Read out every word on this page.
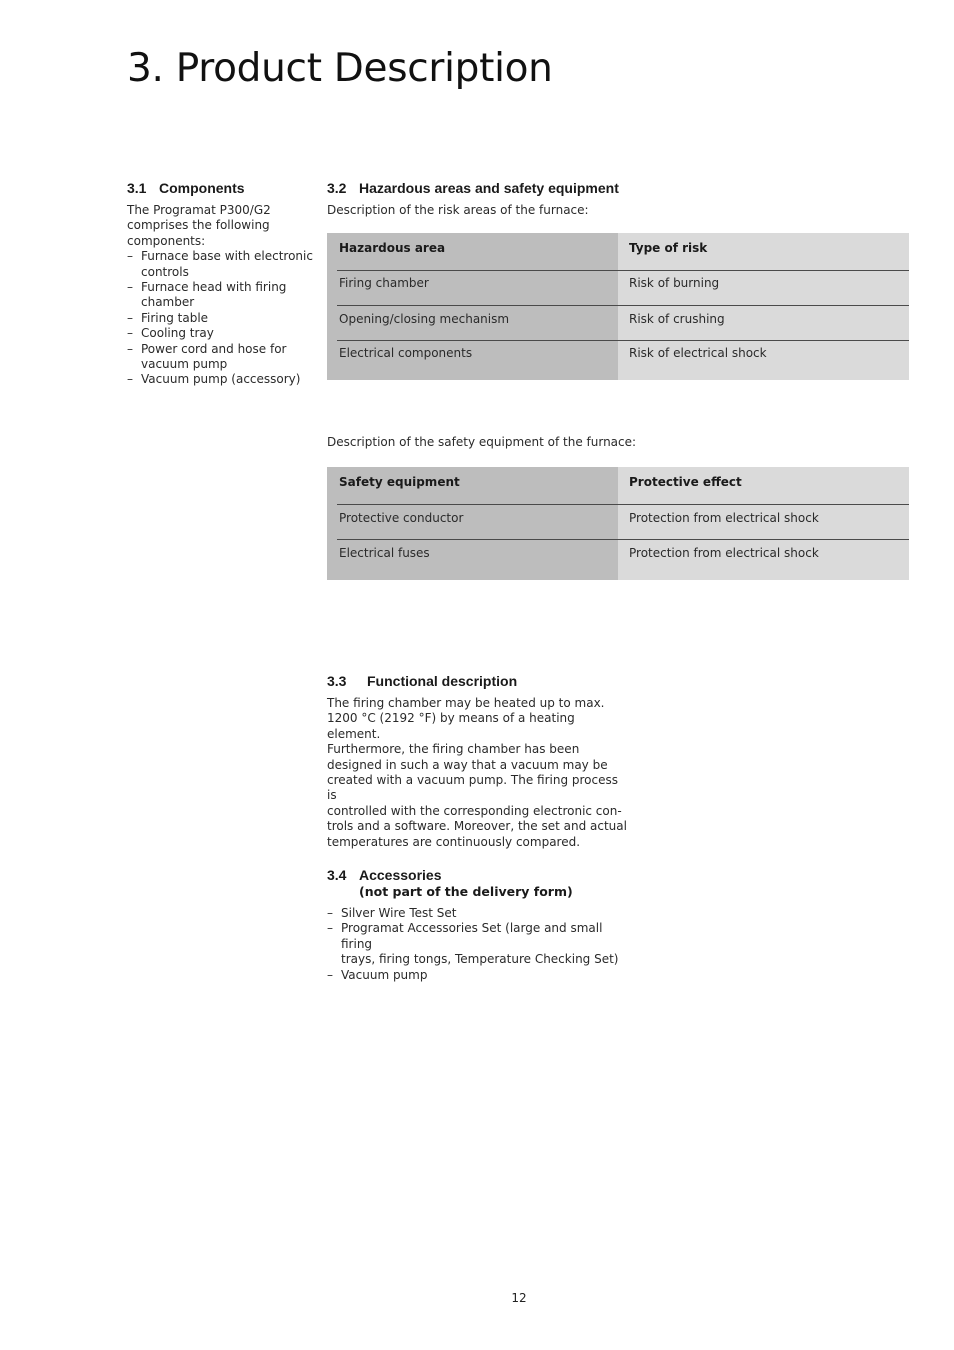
3. Product Description
3.1 Components
The Programat P300/G2
comprises the following
components:
– Furnace base with electronic
controls
– Furnace head with firing
chamber
– Firing table
– Cooling tray
– Power cord and hose for
vacuum pump
– Vacuum pump (accessory)
3.2 Hazardous areas and safety equipment
Description of the risk areas of the furnace:
Hazardous area	Type of risk

Firing chamber	Risk of burning

Opening/closing mechanism	Risk of crushing

Electrical components	Risk of electrical shock
Description of the safety equipment of the furnace:
Safety equipment	Protective effect

Protective conductor	Protection from electrical shock

Electrical fuses	Protection from electrical shock
3.3 Functional description
The firing chamber may be heated up to max.
1200 °C (2192 °F) by means of a heating element.
Furthermore, the firing chamber has been
designed in such a way that a vacuum may be
created with a vacuum pump. The firing process is
controlled with the corresponding electronic con-
trols and a software. Moreover, the set and actual
temperatures are continuously compared.
3.4 Accessories
(not part of the delivery form)
– Silver Wire Test Set
– Programat Accessories Set (large and small firing
trays, firing tongs, Temperature Checking Set)
– Vacuum pump
12
